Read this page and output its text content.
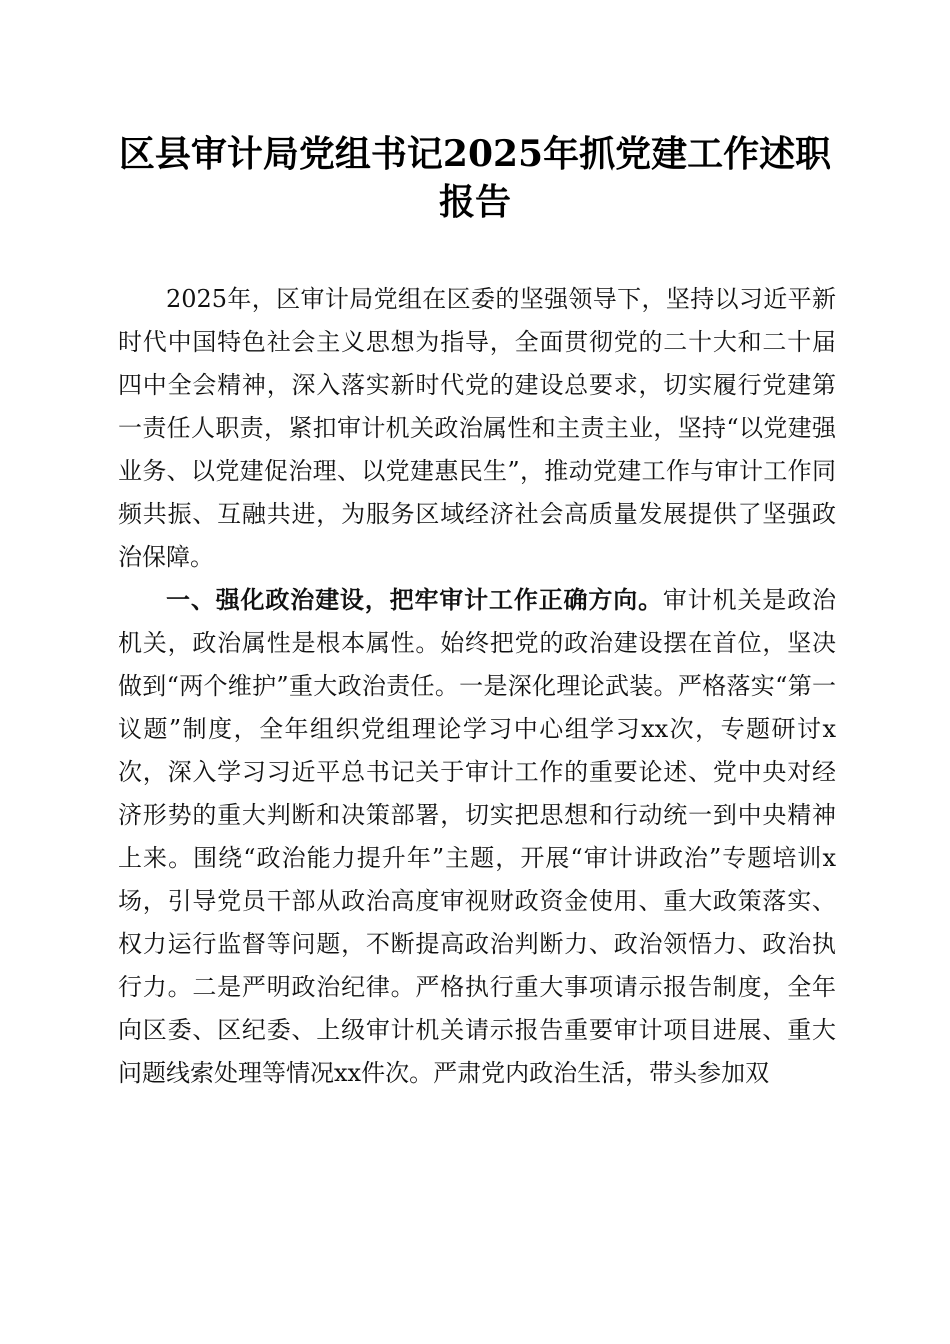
区县审计局党组书记2025年抓党建工作述职报告

2025年，区审计局党组在区委的坚强领导下，坚持以习近平新时代中国特色社会主义思想为指导，全面贯彻党的二十大和二十届四中全会精神，深入落实新时代党的建设总要求，切实履行党建第一责任人职责，紧扣审计机关政治属性和主责主业，坚持“以党建强业务、以党建促治理、以党建惠民生”，推动党建工作与审计工作同频共振、互融共进，为服务区域经济社会高质量发展提供了坚强政治保障。

一、强化政治建设，把牢审计工作正确方向。审计机关是政治机关，政治属性是根本属性。始终把党的政治建设摆在首位，坚决做到“两个维护”重大政治责任。一是深化理论武装。严格落实“第一议题”制度，全年组织党组理论学习中心组学习xx次，专题研讨x次，深入学习习近平总书记关于审计工作的重要论述、党中央对经济形势的重大判断和决策部署，切实把思想和行动统一到中央精神上来。围绕“政治能力提升年”主题，开展“审计讲政治”专题培训x场，引导党员干部从政治高度审视财政资金使用、重大政策落实、权力运行监督等问题，不断提高政治判断力、政治领悟力、政治执行力。二是严明政治纪律。严格执行重大事项请示报告制度，全年向区委、区纪委、上级审计机关请示报告重要审计项目进展、重大问题线索处理等情况xx件次。严肃党内政治生活，带头参加双
